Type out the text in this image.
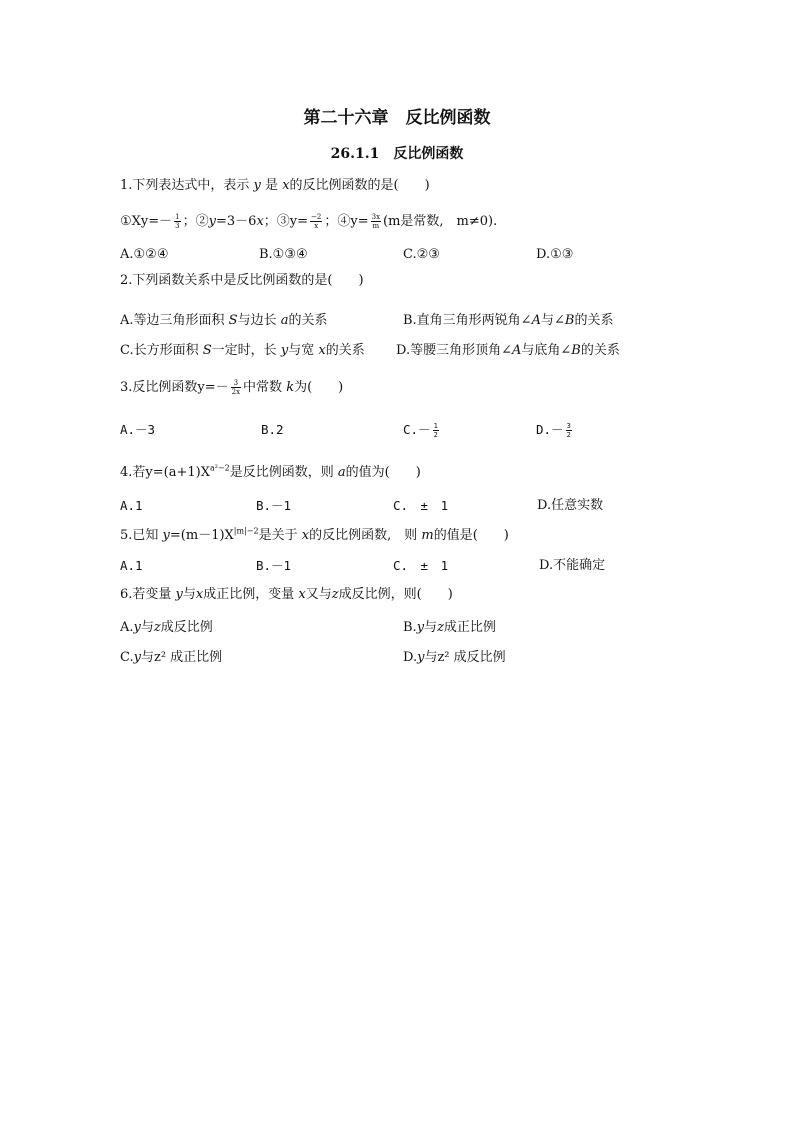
第二十六章　反比例函数
26.1.1　反比例函数
1.下列表达式中，表示 y 是 x的反比例函数的是(　　)
①Xy=－ $\frac{1}{3}$ ；②y=3－6x；③y= $\frac{-2}{x}$ ；④y= $\frac{3x}{m} (m$是常数,　m≠0).
A.①②④	B.①③④	C.②③	D.①③
2.下列函数关系中是反比例函数的是(　　)
A.等边三角形面积 S与边长 a的关系	B.直角三角形两锐角∠A与∠B的关系
C.长方形面积 S一定时，长 y与宽 x的关系 D.等腰三角形顶角∠A与底角∠B的关系
3.反比例函数$y=- \frac{3}{2x}$ 中常数 k为(　　)
A.－3	B.2	$C.- \frac{1}{2}$	$D.- \frac{3}{2}$
4.若$y=(a+1)X^{a^2-2}$是反比例函数，则 a的值为(　　)
A.1	B.－1	C.　±　1	D.任意实数
5.已知 $y=(m-1)X^{|m|-2}$是关于 x的反比例函数,　则 m的值是(　　)
A.1	B.－1	C.　±　1	D.不能确定
6.若变量 y与x成正比例，变量 x又与z成反比例，则(　　)
A.y与z成反比例	B.y与z成正比例
C.y与z² 成正比例	D.y与z² 成反比例
